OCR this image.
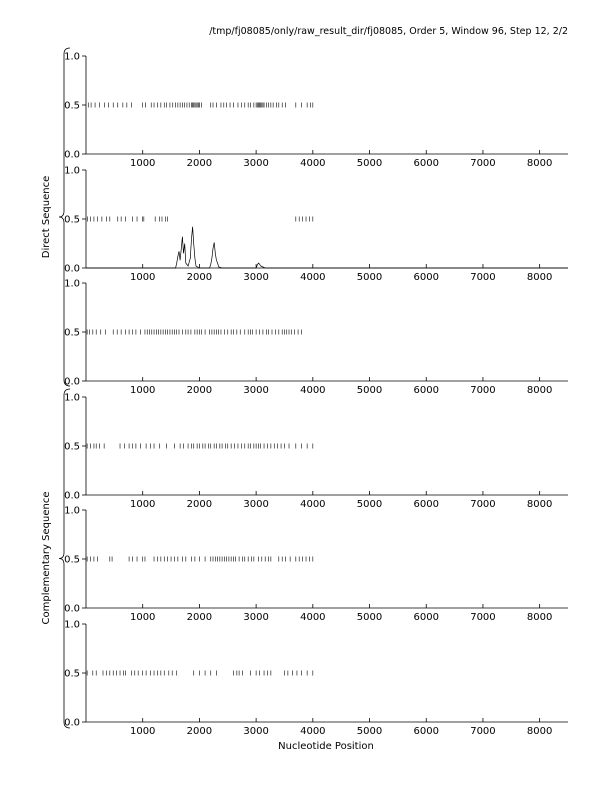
/tmp/fj08085/only/raw_result_dir/fj08085, Order 5, Window 96, Step 12, 2/2
Direct Sequence
Complementary Sequence
Nucleotide Position
0.0
0.5
1.0
1000	2000	3000	4000	5000	6000	7000	8000
0.0
0.5
1.0
1000	2000	3000	4000	5000	6000	7000	8000
0.0
0.5
1.0
1000	2000	3000	4000	5000	6000	7000	8000
0.0
0.5
1.0
1000	2000	3000	4000	5000	6000	7000	8000
0.0
0.5
1.0
1000	2000	3000	4000	5000	6000	7000	8000
0.0
0.5
1.0
1000	2000	3000	4000	5000	6000	7000	8000
